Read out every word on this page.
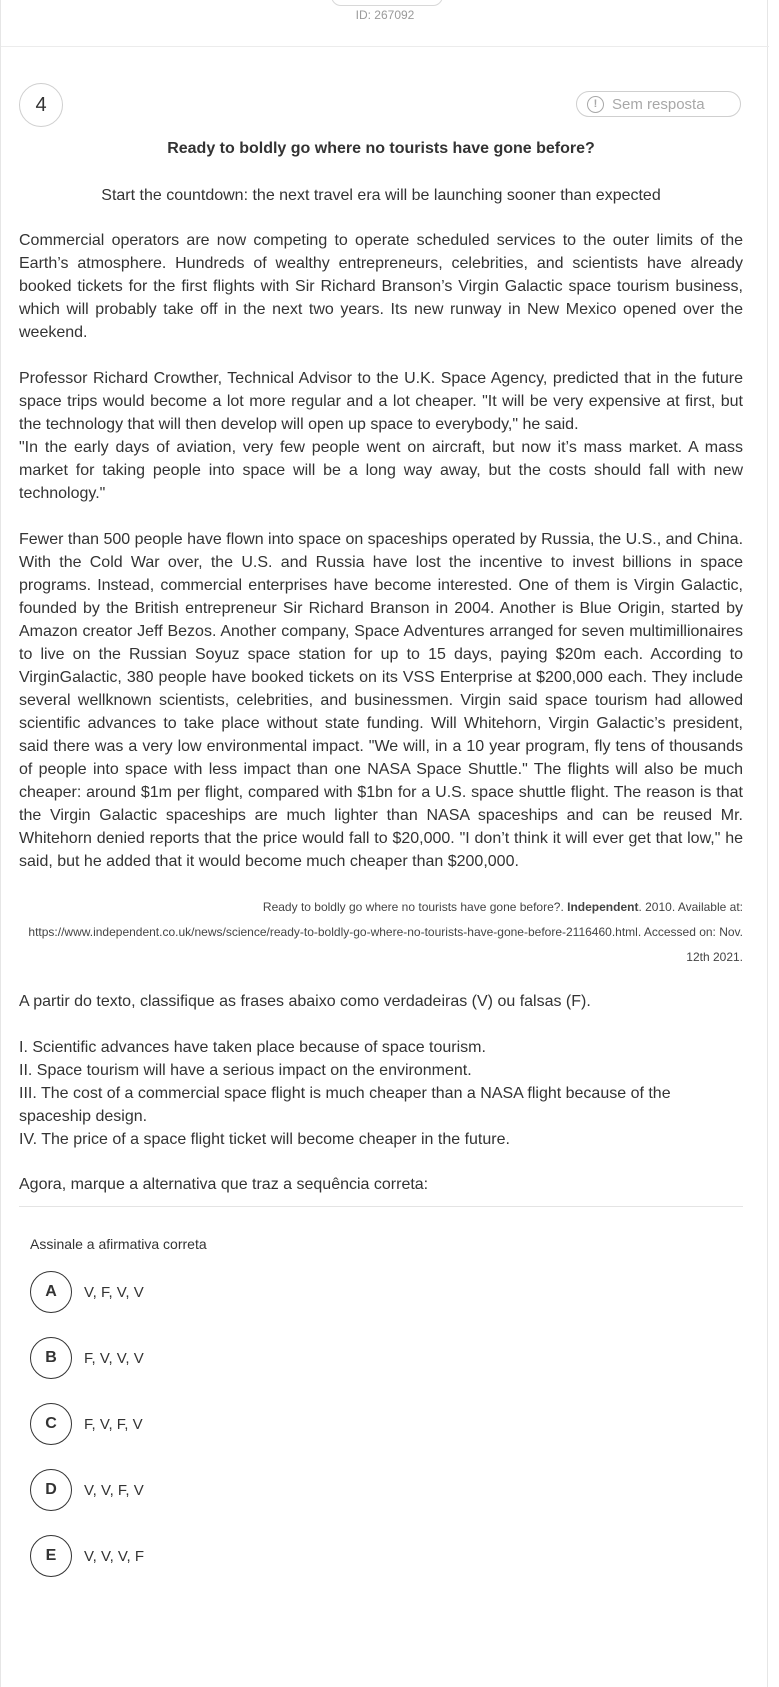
ID: 267092
4	! Sem resposta

Ready to boldly go where no tourists have gone before?

Start the countdown: the next travel era will be launching sooner than expected

Commercial operators are now competing to operate scheduled services to the outer limits of the Earth’s atmosphere. Hundreds of wealthy entrepreneurs, celebrities, and scientists have already booked tickets for the first flights with Sir Richard Branson’s Virgin Galactic space tourism business, which will probably take off in the next two years. Its new runway in New Mexico opened over the weekend.

Professor Richard Crowther, Technical Advisor to the U.K. Space Agency, predicted that in the future space trips would become a lot more regular and a lot cheaper. "It will be very expensive at first, but the technology that will then develop will open up space to everybody," he said.

"In the early days of aviation, very few people went on aircraft, but now it’s mass market. A mass market for taking people into space will be a long way away, but the costs should fall with new technology."

Fewer than 500 people have flown into space on spaceships operated by Russia, the U.S., and China. With the Cold War over, the U.S. and Russia have lost the incentive to invest billions in space programs. Instead, commercial enterprises have become interested. One of them is Virgin Galactic, founded by the British entrepreneur Sir Richard Branson in 2004. Another is Blue Origin, started by Amazon creator Jeff Bezos. Another company, Space Adventures arranged for seven multimillionaires to live on the Russian Soyuz space station for up to 15 days, paying $20m each. According to VirginGalactic, 380 people have booked tickets on its VSS Enterprise at $200,000 each. They include several wellknown scientists, celebrities, and businessmen. Virgin said space tourism had allowed scientific advances to take place without state funding. Will Whitehorn, Virgin Galactic’s president, said there was a very low environmental impact. "We will, in a 10 year program, fly tens of thousands of people into space with less impact than one NASA Space Shuttle." The flights will also be much cheaper: around $1m per flight, compared with $1bn for a U.S. space shuttle flight. The reason is that the Virgin Galactic spaceships are much lighter than NASA spaceships and can be reused Mr. Whitehorn denied reports that the price would fall to $20,000. "I don’t think it will ever get that low," he said, but he added that it would become much cheaper than $200,000.

Ready to boldly go where no tourists have gone before?. Independent. 2010. Available at: https://www.independent.co.uk/news/science/ready-to-boldly-go-where-no-tourists-have-gone-before-2116460.html. Accessed on: Nov. 12th 2021.
A partir do texto, classifique as frases abaixo como verdadeiras (V) ou falsas (F).
I. Scientific advances have taken place because of space tourism.
II. Space tourism will have a serious impact on the environment.
III. The cost of a commercial space flight is much cheaper than a NASA flight because of the spaceship design.
IV. The price of a space flight ticket will become cheaper in the future.
Agora, marque a alternativa que traz a sequência correta:
Assinale a afirmativa correta
A	V, F, V, V
B	F, V, V, V
C	F, V, F, V
D	V, V, F, V
E	V, V, V, F
